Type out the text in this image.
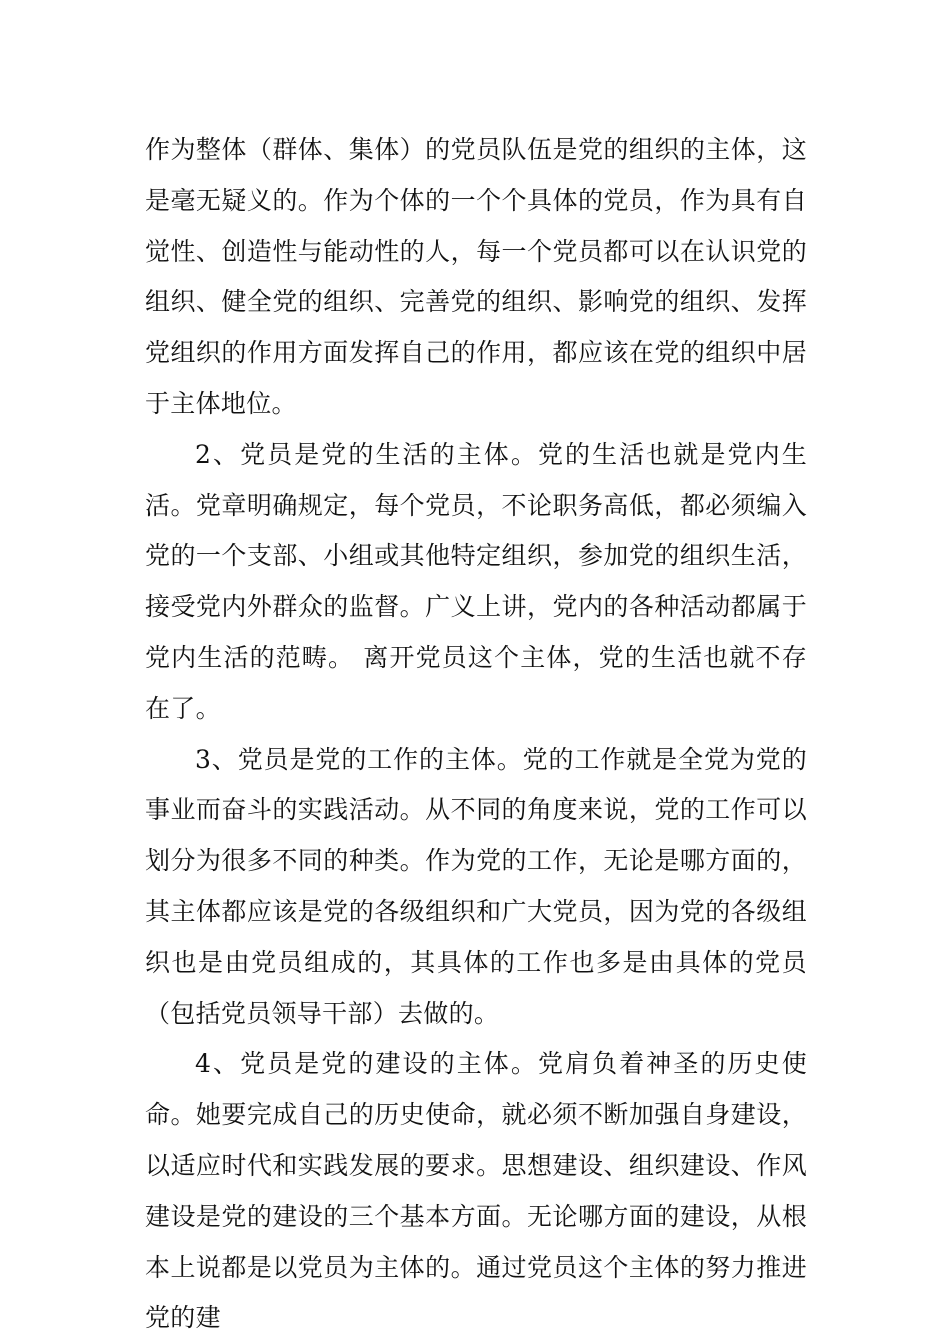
作为整体（群体、集体）的党员队伍是党的组织的主体，这是毫无疑义的。作为个体的一个个具体的党员，作为具有自觉性、创造性与能动性的人，每一个党员都可以在认识党的组织、健全党的组织、完善党的组织、影响党的组织、发挥党组织的作用方面发挥自己的作用，都应该在党的组织中居于主体地位。

2、党员是党的生活的主体。党的生活也就是党内生活。党章明确规定，每个党员，不论职务高低，都必须编入党的一个支部、小组或其他特定组织，参加党的组织生活，接受党内外群众的监督。广义上讲，党内的各种活动都属于党内生活的范畴。 离开党员这个主体，党的生活也就不存在了。

3、党员是党的工作的主体。党的工作就是全党为党的事业而奋斗的实践活动。从不同的角度来说，党的工作可以划分为很多不同的种类。作为党的工作，无论是哪方面的，其主体都应该是党的各级组织和广大党员，因为党的各级组织也是由党员组成的，其具体的工作也多是由具体的党员（包括党员领导干部）去做的。

4、党员是党的建设的主体。党肩负着神圣的历史使命。她要完成自己的历史使命，就必须不断加强自身建设，以适应时代和实践发展的要求。思想建设、组织建设、作风建设是党的建设的三个基本方面。无论哪方面的建设，从根本上说都是以党员为主体的。通过党员这个主体的努力推进党的建
